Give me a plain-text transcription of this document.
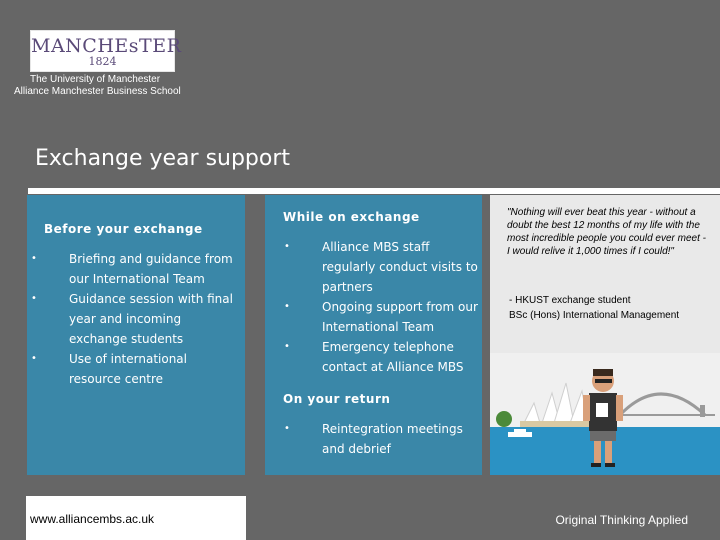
MANCHEsTER
1824
The University of Manchester
Alliance Manchester Business School
Exchange year support
Before your exchange
•	Briefing and guidance from our International Team
•	Guidance session with final year and incoming exchange students
•	Use of international resource centre
While on exchange
•	Alliance MBS staff regularly conduct visits to partners
•	Ongoing support from our International Team
•	Emergency telephone contact at Alliance MBS
On your return
•	Reintegration meetings and debrief
"Nothing will ever beat this year - without a doubt the best 12 months of my life with the most incredible people you could ever meet - I would relive it 1,000 times if I could!"
- HKUST exchange student
BSc (Hons) International Management
www.alliancembs.ac.uk	Original Thinking Applied
